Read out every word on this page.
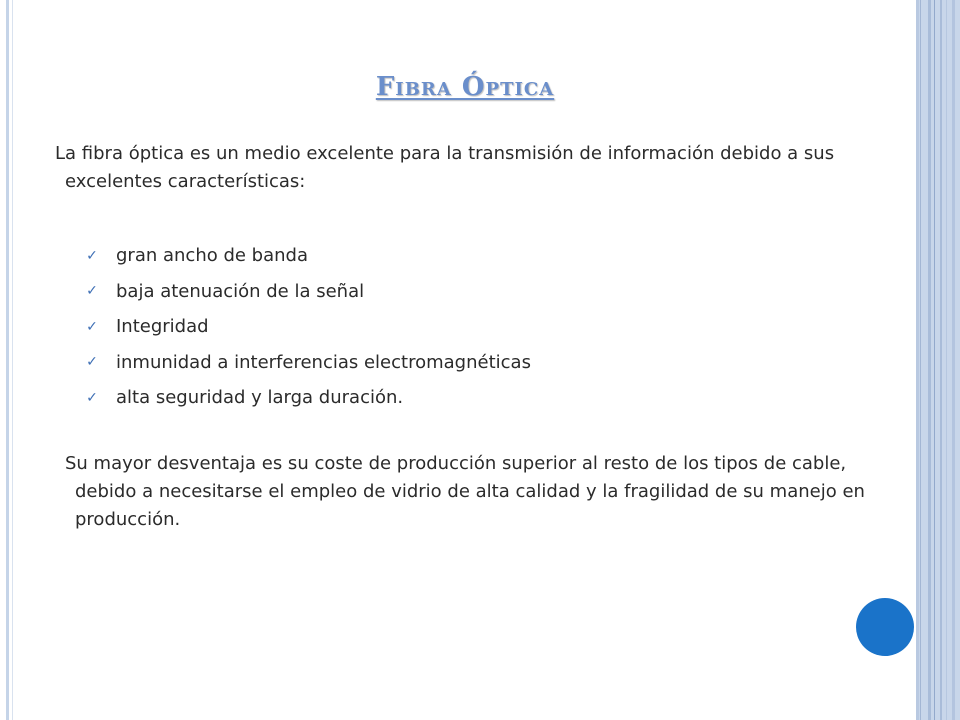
Fibra Óptica

La fibra óptica es un medio excelente para la transmisión de información debido a sus excelentes características:

✓ gran ancho de banda
✓ baja atenuación de la señal
✓ Integridad
✓ inmunidad a interferencias electromagnéticas
✓ alta seguridad y larga duración.

Su mayor desventaja es su coste de producción superior al resto de los tipos de cable, debido a necesitarse el empleo de vidrio de alta calidad y la fragilidad de su manejo en producción.
